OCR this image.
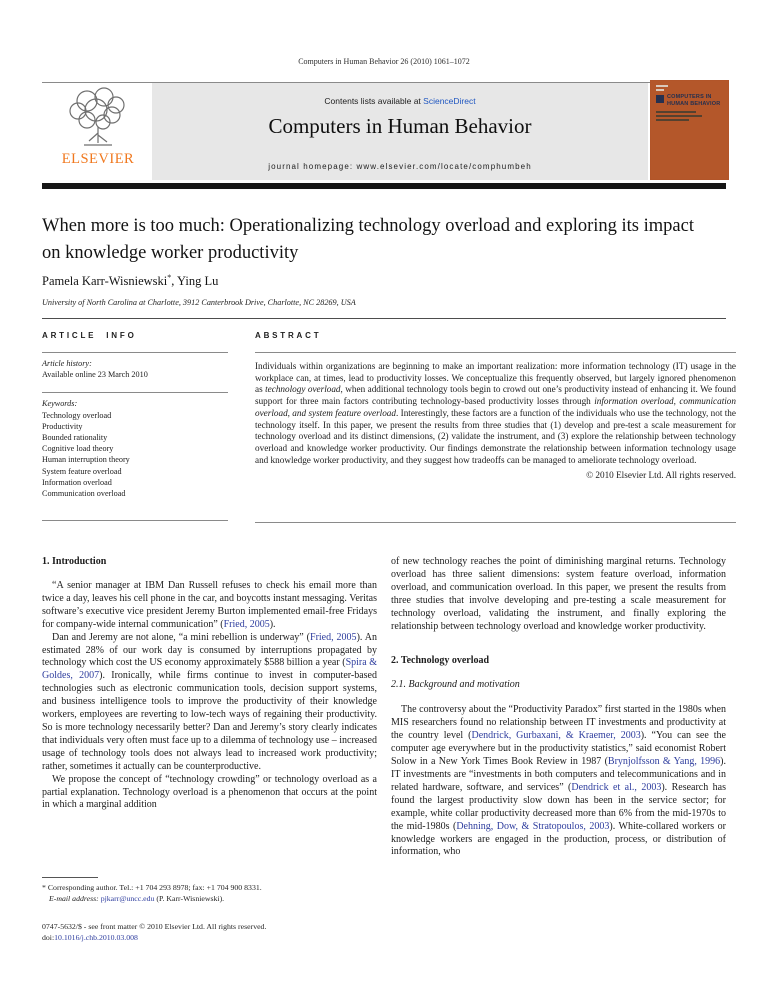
Computers in Human Behavior 26 (2010) 1061–1072
ELSEVIER
Contents lists available at ScienceDirect
Computers in Human Behavior
journal homepage: www.elsevier.com/locate/comphumbeh
COMPUTERS IN
HUMAN BEHAVIOR
When more is too much: Operationalizing technology overload and exploring its impact on knowledge worker productivity
Pamela Karr-Wisniewski*, Ying Lu
University of North Carolina at Charlotte, 3912 Canterbrook Drive, Charlotte, NC 28269, USA
ARTICLE INFO
Article history:
Available online 23 March 2010
Keywords:
Technology overload
Productivity
Bounded rationality
Cognitive load theory
Human interruption theory
System feature overload
Information overload
Communication overload
ABSTRACT
Individuals within organizations are beginning to make an important realization: more information technology (IT) usage in the workplace can, at times, lead to productivity losses. We conceptualize this frequently observed, but largely ignored phenomenon as technology overload, when additional technology tools begin to crowd out one’s productivity instead of enhancing it. We found support for three main factors contributing technology-based productivity losses through information overload, communication overload, and system feature overload. Interestingly, these factors are a function of the individuals who use the technology, not the technology itself. In this paper, we present the results from three studies that (1) develop and pre-test a scale measurement for technology overload and its distinct dimensions, (2) validate the instrument, and (3) explore the relationship between technology overload and knowledge worker productivity. Our findings demonstrate the relationship between information technology usage and knowledge worker productivity, and they suggest how tradeoffs can be managed to ameliorate technology overload.
© 2010 Elsevier Ltd. All rights reserved.
1. Introduction

“A senior manager at IBM Dan Russell refuses to check his email more than twice a day, leaves his cell phone in the car, and boycotts instant messaging. Veritas software’s executive vice president Jeremy Burton implemented email-free Fridays for company-wide internal communication” (Fried, 2005).

Dan and Jeremy are not alone, “a mini rebellion is underway” (Fried, 2005). An estimated 28% of our work day is consumed by interruptions propagated by technology which cost the US economy approximately $588 billion a year (Spira & Goldes, 2007). Ironically, while firms continue to invest in computer-based technologies such as electronic communication tools, decision support systems, and business intelligence tools to improve the productivity of their knowledge workers, employees are reverting to low-tech ways of regaining their productivity. So is more technology necessarily better? Dan and Jeremy’s story clearly indicates that individuals very often must face up to a dilemma of technology use – increased usage of technology tools does not always lead to increased work productivity; rather, sometimes it actually can be counterproductive.

We propose the concept of “technology crowding” or technology overload as a partial explanation. Technology overload is a phenomenon that occurs at the point in which a marginal addition

of new technology reaches the point of diminishing marginal returns. Technology overload has three salient dimensions: system feature overload, information overload, and communication overload. In this paper, we present the results from three studies that involve developing and pre-testing a scale measurement for technology overload, validating the instrument, and finally exploring the relationship between technology overload and knowledge worker productivity.

2. Technology overload
2.1. Background and motivation

The controversy about the “Productivity Paradox” first started in the 1980s when MIS researchers found no relationship between IT investments and productivity at the country level (Dendrick, Gurbaxani, & Kraemer, 2003). “You can see the computer age everywhere but in the productivity statistics,” said economist Robert Solow in a New York Times Book Review in 1987 (Brynjolfsson & Yang, 1996). IT investments are “investments in both computers and telecommunications and in related hardware, software, and services” (Dendrick et al., 2003). Research has found the largest productivity slow down has been in the service sector; for example, white collar productivity decreased more than 6% from the mid-1970s to the mid-1980s (Dehning, Dow, & Stratopoulos, 2003). White-collared workers or knowledge workers are engaged in the production, process, or distribution of information, who

* Corresponding author. Tel.: +1 704 293 8978; fax: +1 704 900 8331.
E-mail address: pjkarr@uncc.edu (P. Karr-Wisniewski).
0747-5632/$ - see front matter © 2010 Elsevier Ltd. All rights reserved.
doi:10.1016/j.chb.2010.03.008
